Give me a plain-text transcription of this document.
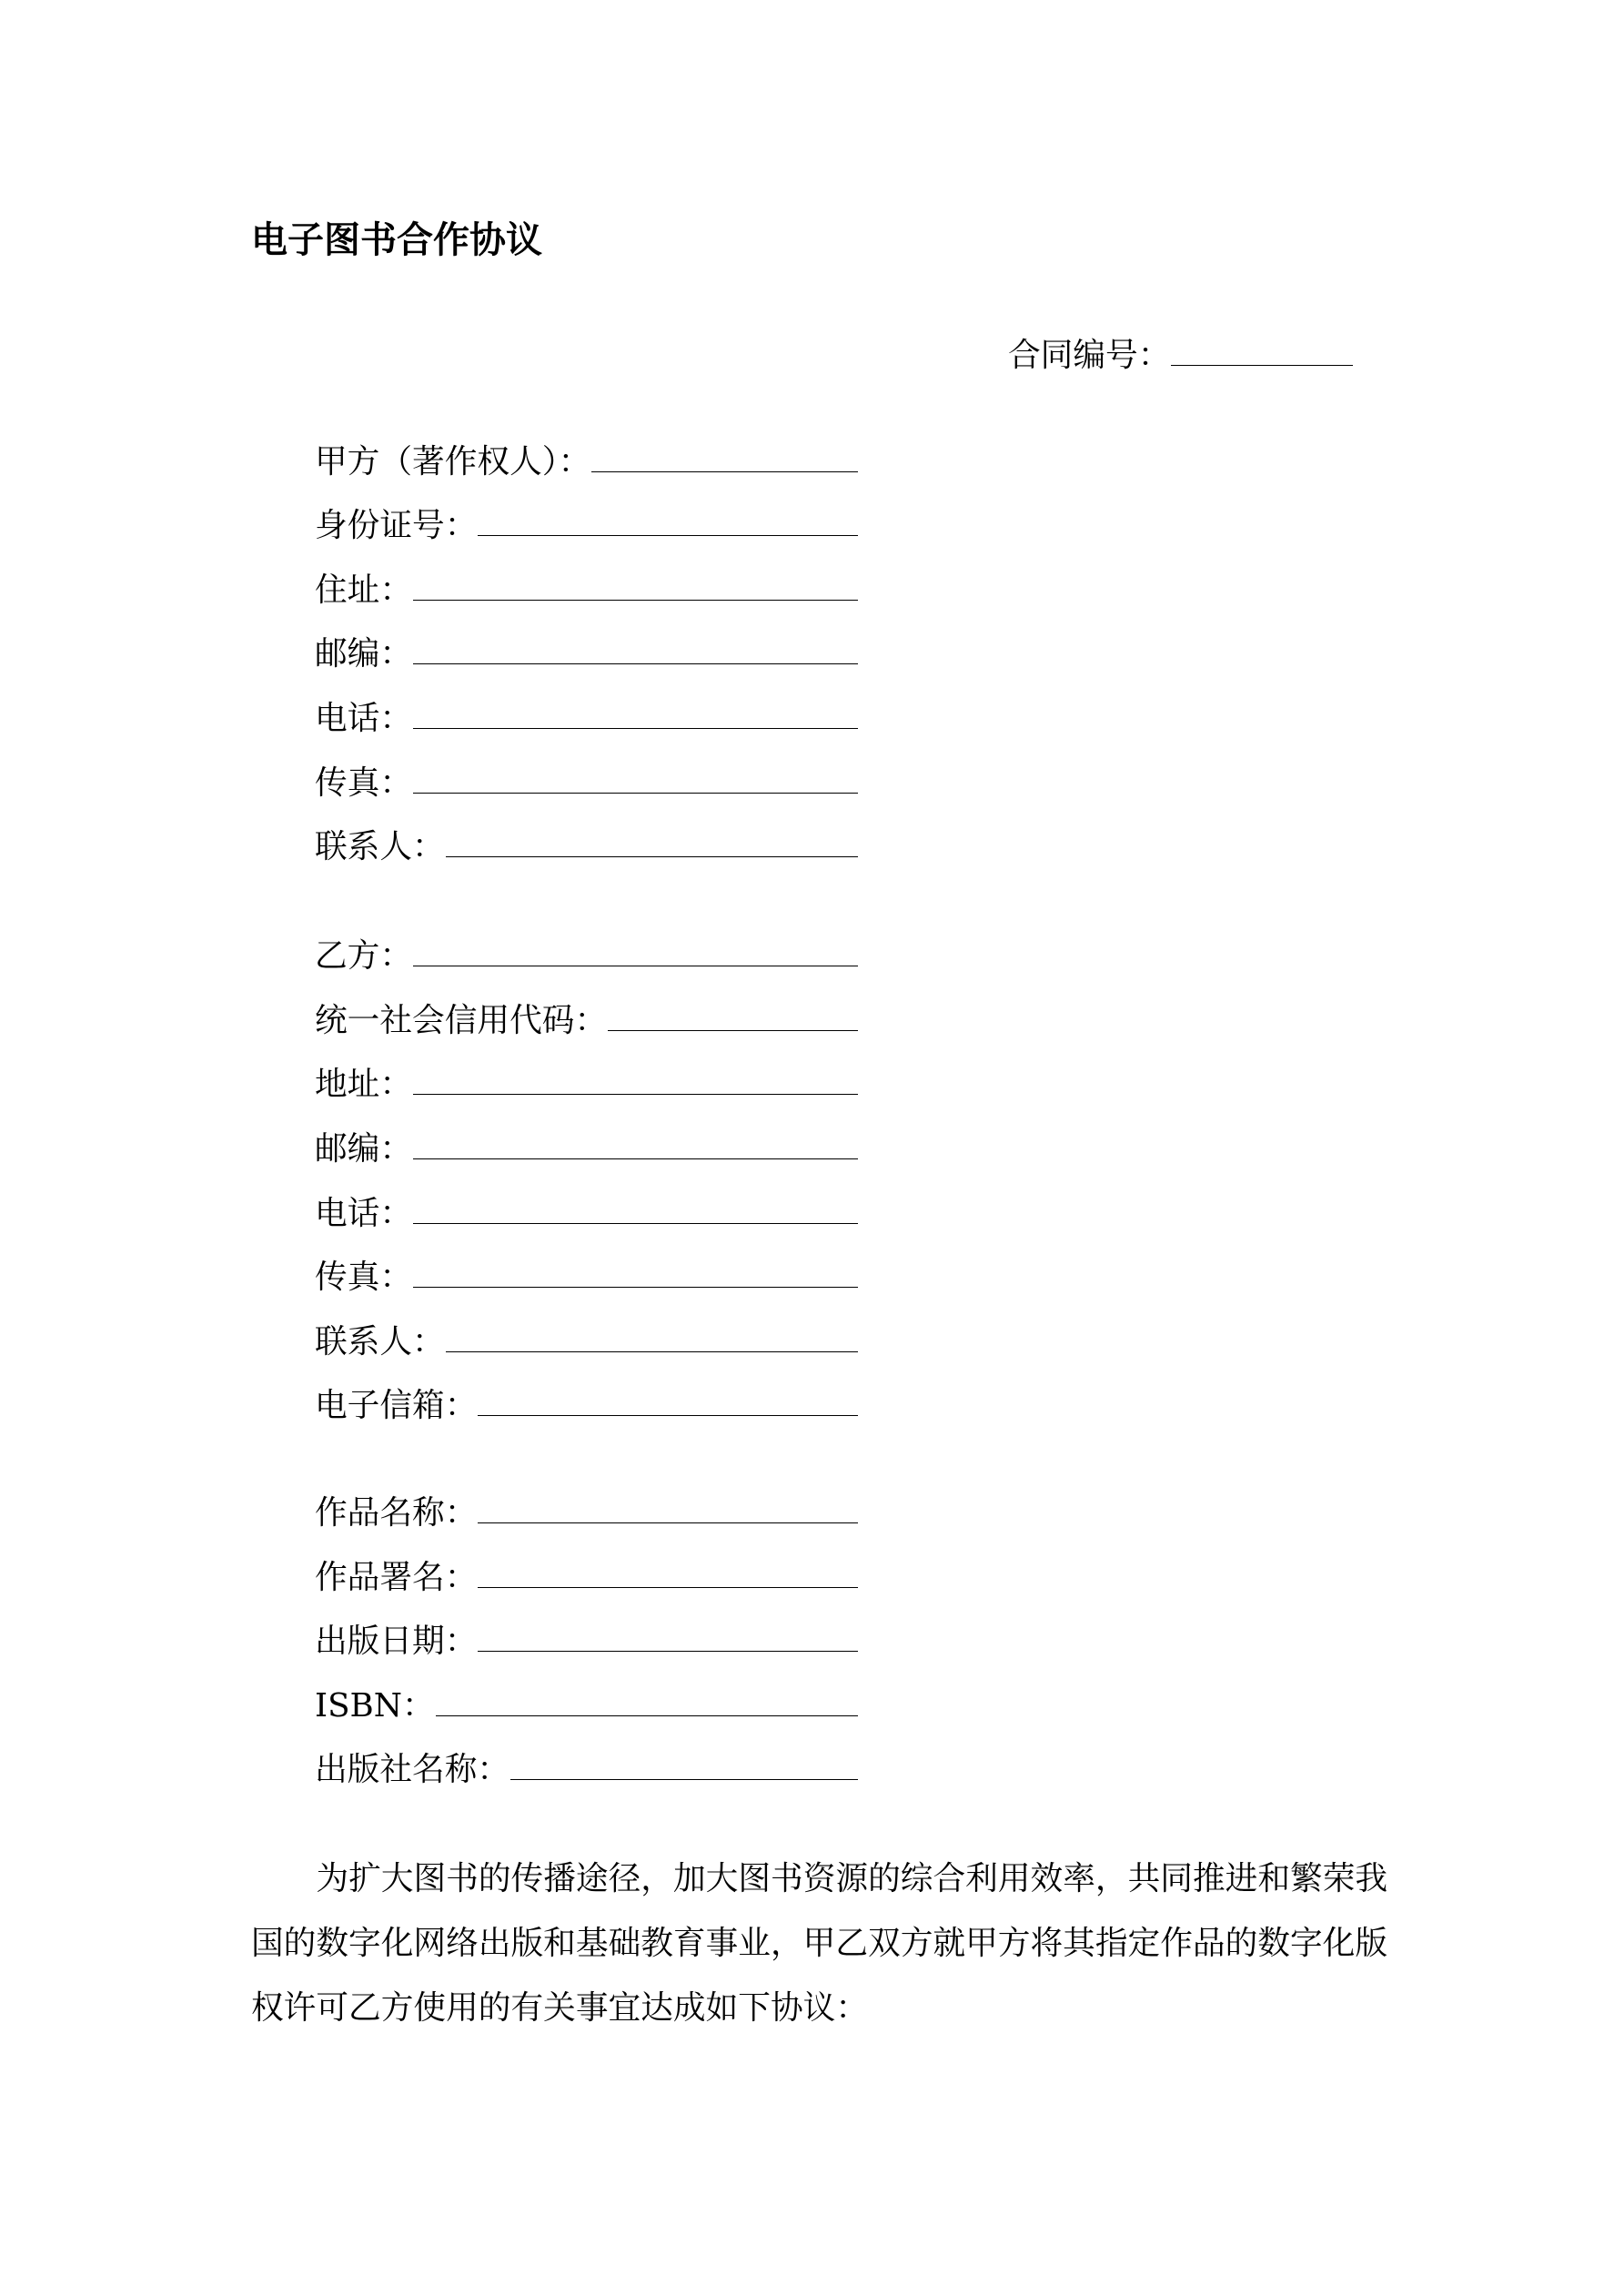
电子图书合作协议
合同编号：
甲方（著作权人）：
身份证号：
住址：
邮编：
电话：
传真：
联系人：
乙方：
统一社会信用代码：
地址：
邮编：
电话：
传真：
联系人：
电子信箱：
作品名称：
作品署名：
出版日期：
ISBN：
出版社名称：
为扩大图书的传播途径，加大图书资源的综合利用效率，共同推进和繁荣我
国的数字化网络出版和基础教育事业，甲乙双方就甲方将其指定作品的数字化版
权许可乙方使用的有关事宜达成如下协议：
